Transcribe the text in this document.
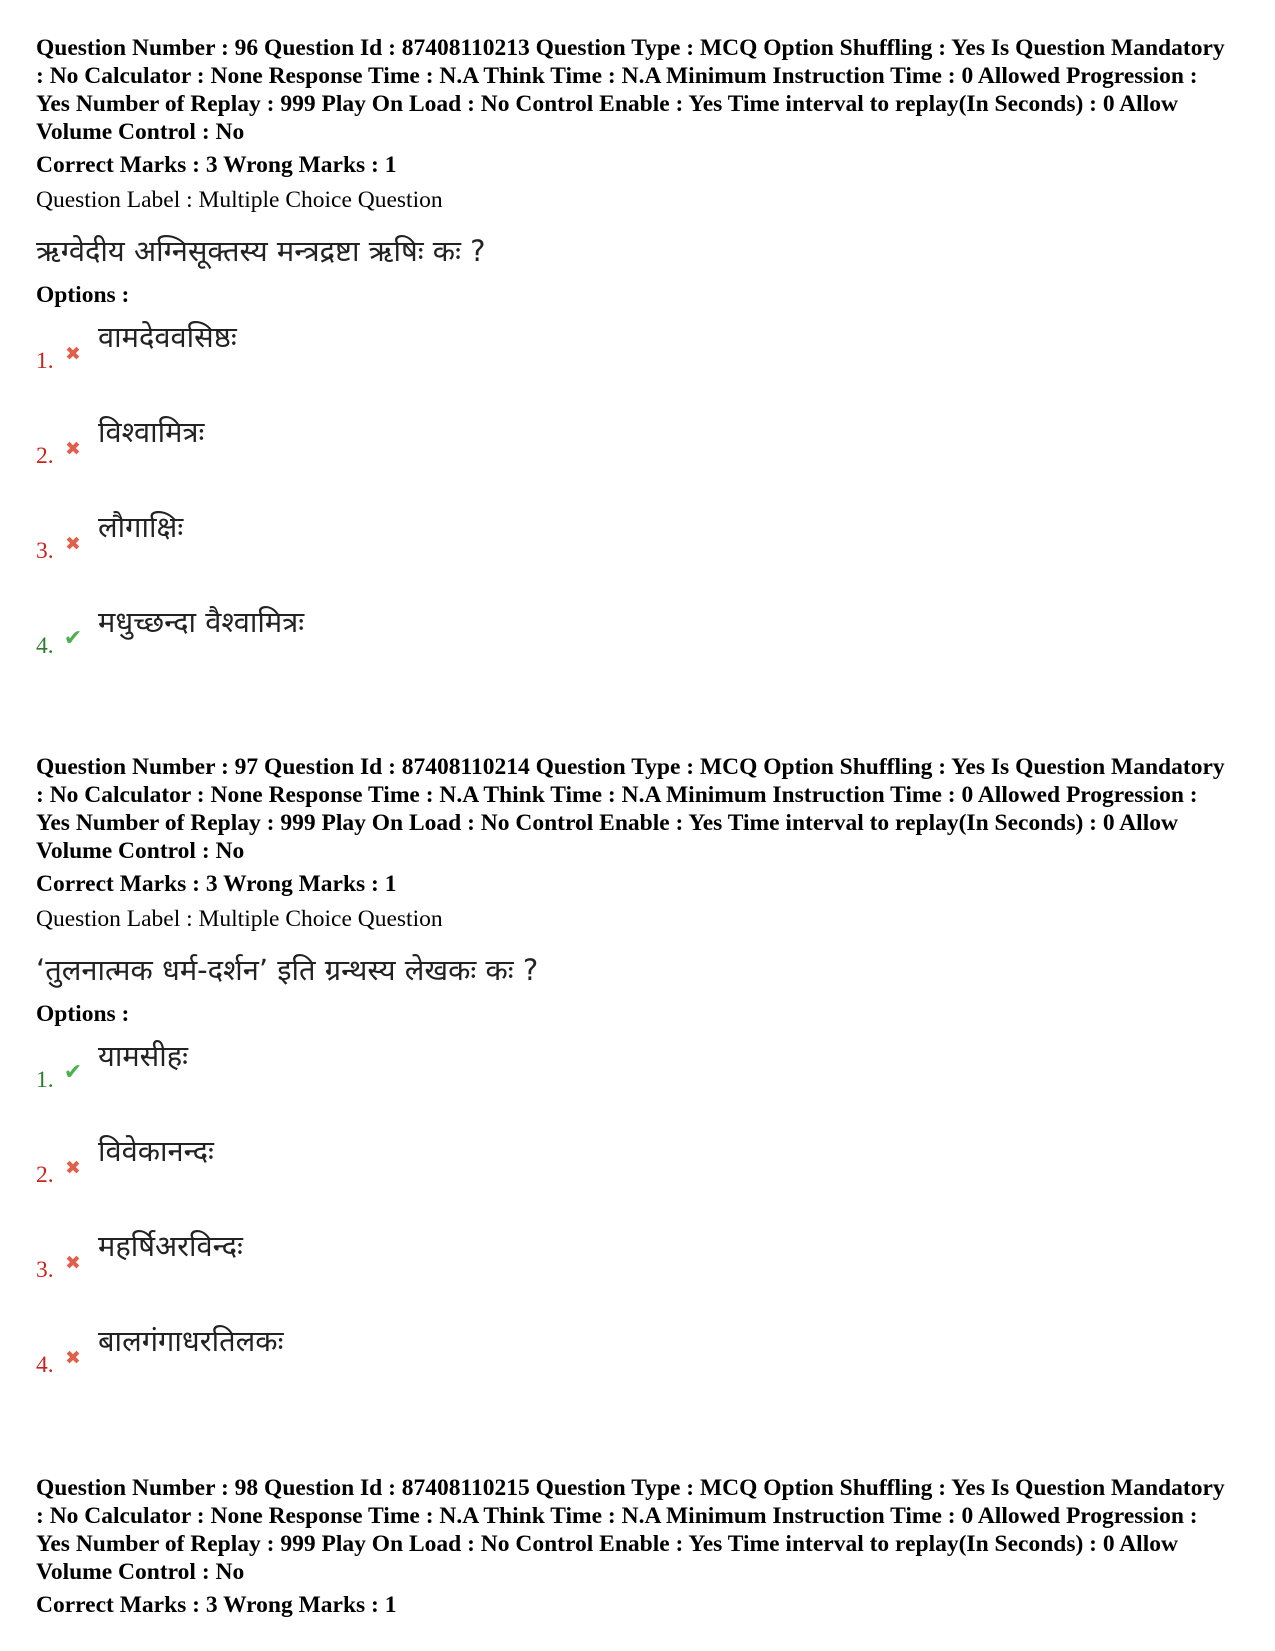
Question Number : 96 Question Id : 87408110213 Question Type : MCQ Option Shuffling : Yes Is Question Mandatory : No Calculator : None Response Time : N.A Think Time : N.A Minimum Instruction Time : 0 Allowed Progression : Yes Number of Replay : 999 Play On Load : No Control Enable : Yes Time interval to replay(In Seconds) : 0 Allow Volume Control : No

Correct Marks : 3 Wrong Marks : 1

Question Label : Multiple Choice Question

ऋग्वेदीय अग्निसूक्तस्य मन्त्रद्रष्टा ऋषिः कः ?

Options :

1. ✖ वामदेववसिष्ठः
2. ✖ विश्वामित्रः
3. ✖ लौगाक्षिः
4. ✔ मधुच्छन्दा वैश्वामित्रः

Question Number : 97 Question Id : 87408110214 Question Type : MCQ Option Shuffling : Yes Is Question Mandatory : No Calculator : None Response Time : N.A Think Time : N.A Minimum Instruction Time : 0 Allowed Progression : Yes Number of Replay : 999 Play On Load : No Control Enable : Yes Time interval to replay(In Seconds) : 0 Allow Volume Control : No

Correct Marks : 3 Wrong Marks : 1

Question Label : Multiple Choice Question

‘तुलनात्मक धर्म-दर्शन’ इति ग्रन्थस्य लेखकः कः ?

Options :

1. ✔ यामसीहः
2. ✖ विवेकानन्दः
3. ✖ महर्षिअरविन्दः
4. ✖ बालगंगाधरतिलकः

Question Number : 98 Question Id : 87408110215 Question Type : MCQ Option Shuffling : Yes Is Question Mandatory : No Calculator : None Response Time : N.A Think Time : N.A Minimum Instruction Time : 0 Allowed Progression : Yes Number of Replay : 999 Play On Load : No Control Enable : Yes Time interval to replay(In Seconds) : 0 Allow Volume Control : No

Correct Marks : 3 Wrong Marks : 1
